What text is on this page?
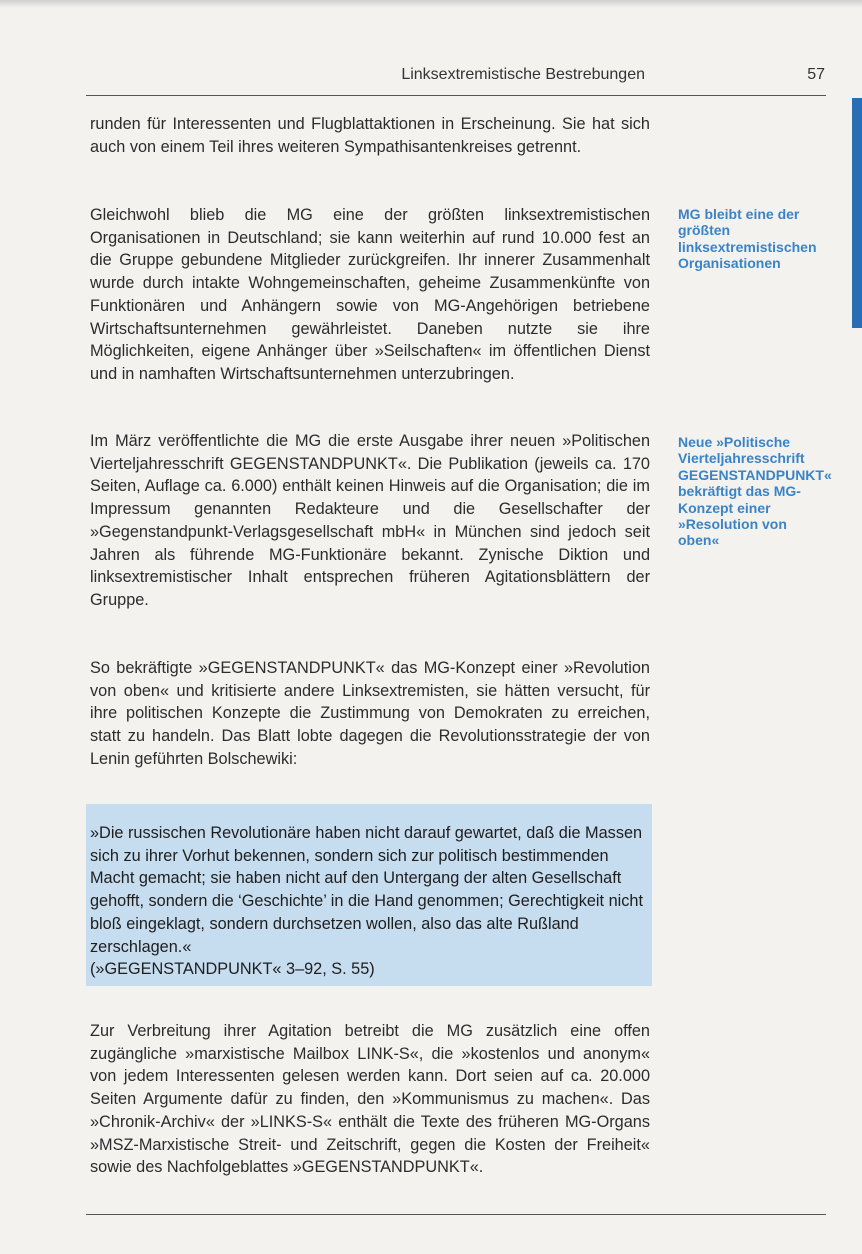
Linksextremistische Bestrebungen	57

runden für Interessenten und Flugblattaktionen in Erscheinung. Sie hat sich auch von einem Teil ihres weiteren Sympathisantenkreises getrennt.

Gleichwohl blieb die MG eine der größten linksextremistischen Organisationen in Deutschland; sie kann weiterhin auf rund 10.000 fest an die Gruppe gebundene Mitglieder zurückgreifen. Ihr innerer Zusammenhalt wurde durch intakte Wohngemeinschaften, geheime Zusammenkünfte von Funktionären und Anhängern sowie von MG-Angehörigen betriebene Wirtschaftsunternehmen gewährleistet. Daneben nutzte sie ihre Möglichkeiten, eigene Anhänger über »Seilschaften« im öffentlichen Dienst und in namhaften Wirtschaftsunternehmen unterzubringen.

Im März veröffentlichte die MG die erste Ausgabe ihrer neuen »Politischen Vierteljahresschrift GEGENSTANDPUNKT«. Die Publikation (jeweils ca. 170 Seiten, Auflage ca. 6.000) enthält keinen Hinweis auf die Organisation; die im Impressum genannten Redakteure und die Gesellschafter der »Gegenstandpunkt-Verlagsgesellschaft mbH« in München sind jedoch seit Jahren als führende MG-Funktionäre bekannt. Zynische Diktion und linksextremistischer Inhalt entsprechen früheren Agitationsblättern der Gruppe.

So bekräftigte »GEGENSTANDPUNKT« das MG-Konzept einer »Revolution von oben« und kritisierte andere Linksextremisten, sie hätten versucht, für ihre politischen Konzepte die Zustimmung von Demokraten zu erreichen, statt zu handeln. Das Blatt lobte dagegen die Revolutionsstrategie der von Lenin geführten Bolschewiki:

»Die russischen Revolutionäre haben nicht darauf gewartet, daß die Massen sich zu ihrer Vorhut bekennen, sondern sich zur politisch bestimmenden Macht gemacht; sie haben nicht auf den Untergang der alten Gesellschaft gehofft, sondern die ‘Geschichte’ in die Hand genommen; Gerechtigkeit nicht bloß eingeklagt, sondern durchsetzen wollen, also das alte Rußland zerschlagen.«
(»GEGENSTANDPUNKT« 3–92, S. 55)

Zur Verbreitung ihrer Agitation betreibt die MG zusätzlich eine offen zugängliche »marxistische Mailbox LINK-S«, die »kostenlos und anonym« von jedem Interessenten gelesen werden kann. Dort seien auf ca. 20.000 Seiten Argumente dafür zu finden, den »Kommunismus zu machen«. Das »Chronik-Archiv« der »LINKS-S« enthält die Texte des früheren MG-Organs »MSZ-Marxistische Streit- und Zeitschrift, gegen die Kosten der Freiheit« sowie des Nachfolgeblattes »GEGENSTANDPUNKT«.

MG bleibt eine der größten linksextremistischen Organisationen

Neue »Politische Vierteljahresschrift GEGENSTANDPUNKT« bekräftigt das MG-Konzept einer »Resolution von oben«
